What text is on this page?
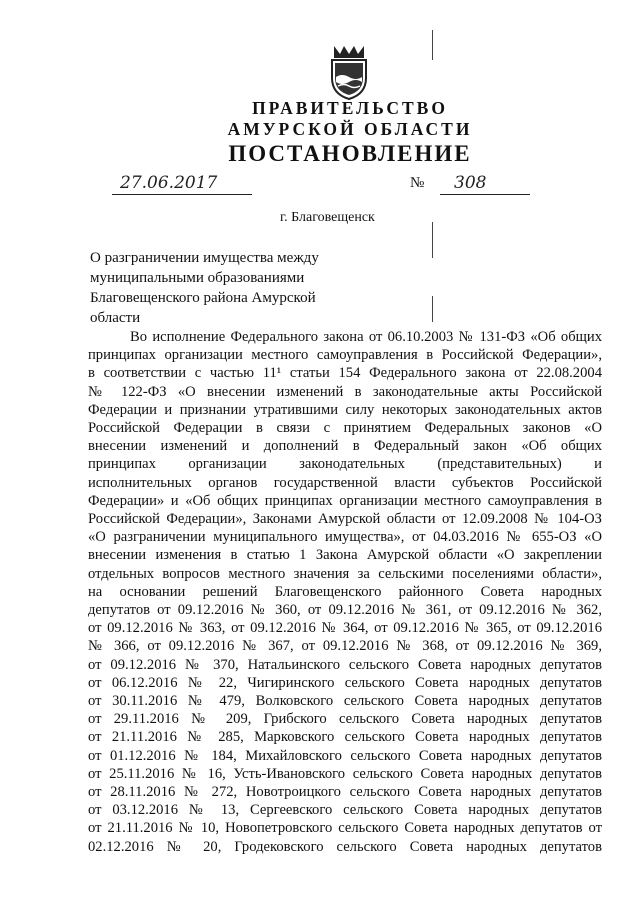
ПРАВИТЕЛЬСТВО
АМУРСКОЙ ОБЛАСТИ
ПОСТАНОВЛЕНИЕ
27.06.2017	№ 308
г. Благовещенск
О разграничении имущества между
муниципальными образованиями
Благовещенского района Амурской
области
Во исполнение Федерального закона от 06.10.2003 № 131-ФЗ «Об общих
принципах организации местного самоуправления в Российской Федерации»,
в соответствии с частью 11¹ статьи 154 Федерального закона от 22.08.2004
№ 122-ФЗ «О внесении изменений в законодательные акты Российской
Федерации и признании утратившими силу некоторых законодательных актов
Российской Федерации в связи с принятием Федеральных законов «О
внесении изменений и дополнений в Федеральный закон «Об общих
принципах организации законодательных (представительных) и
исполнительных органов государственной власти субъектов Российской
Федерации» и «Об общих принципах организации местного самоуправления в
Российской Федерации», Законами Амурской области от 12.09.2008 № 104-ОЗ
«О разграничении муниципального имущества», от 04.03.2016 № 655-ОЗ «О
внесении изменения в статью 1 Закона Амурской области «О закреплении
отдельных вопросов местного значения за сельскими поселениями области»,
на основании решений Благовещенского районного Совета народных
депутатов от 09.12.2016 № 360, от 09.12.2016 № 361, от 09.12.2016 № 362,
от 09.12.2016 № 363, от 09.12.2016 № 364, от 09.12.2016 № 365, от 09.12.2016
№ 366, от 09.12.2016 № 367, от 09.12.2016 № 368, от 09.12.2016 № 369,
от 09.12.2016 № 370, Натальинского сельского Совета народных депутатов
от 06.12.2016 № 22, Чигиринского сельского Совета народных депутатов
от 30.11.2016 № 479, Волковского сельского Совета народных депутатов
от 29.11.2016 № 209, Грибского сельского Совета народных депутатов
от 21.11.2016 № 285, Марковского сельского Совета народных депутатов
от 01.12.2016 № 184, Михайловского сельского Совета народных депутатов
от 25.11.2016 № 16, Усть-Ивановского сельского Совета народных депутатов
от 28.11.2016 № 272, Новотроицкого сельского Совета народных депутатов
от 03.12.2016 № 13, Сергеевского сельского Совета народных депутатов
от 21.11.2016 № 10, Новопетровского сельского Совета народных депутатов от
02.12.2016 № 20, Гродековского сельского Совета народных депутатов
